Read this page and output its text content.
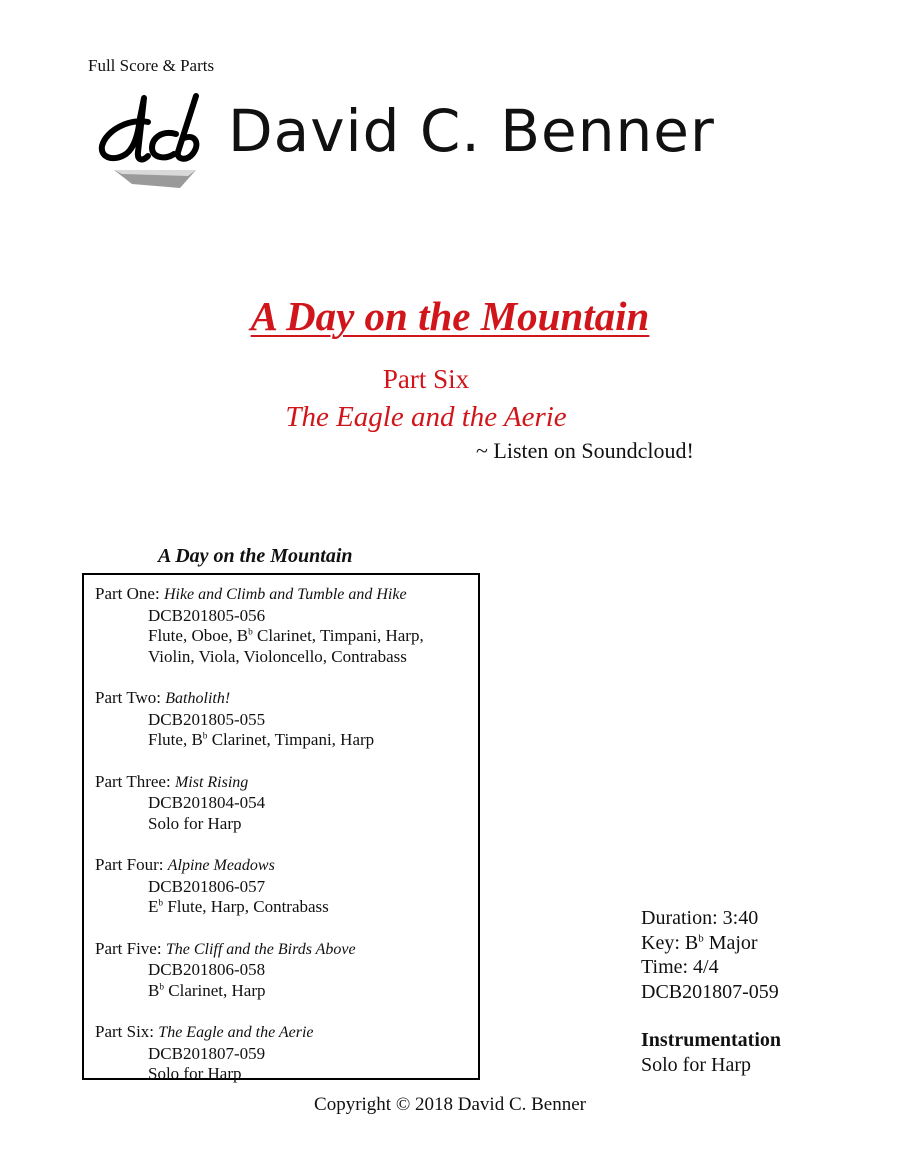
Full Score & Parts
David C. Benner
A Day on the Mountain
Part Six
The Eagle and the Aerie
~ Listen on Soundcloud!
A Day on the Mountain
Part One: Hike and Climb and Tumble and Hike
DCB201805-056
Flute, Oboe, $B^b$ Clarinet, Timpani, Harp,
Violin, Viola, Violoncello, Contrabass
Part Two: Batholith!
DCB201805-055
Flute, $B^b$ Clarinet, Timpani, Harp
Part Three: Mist Rising
DCB201804-054
Solo for Harp
Part Four: Alpine Meadows
DCB201806-057
$E^b$ Flute, Harp, Contrabass
Part Five: The Cliff and the Birds Above
DCB201806-058
$B^b$ Clarinet, Harp
Part Six: The Eagle and the Aerie
DCB201807-059
Solo for Harp
Duration: 3:40
Key: $B^b$ Major
Time: 4/4
DCB201807-059
Instrumentation
Solo for Harp
Copyright © 2018 David C. Benner
